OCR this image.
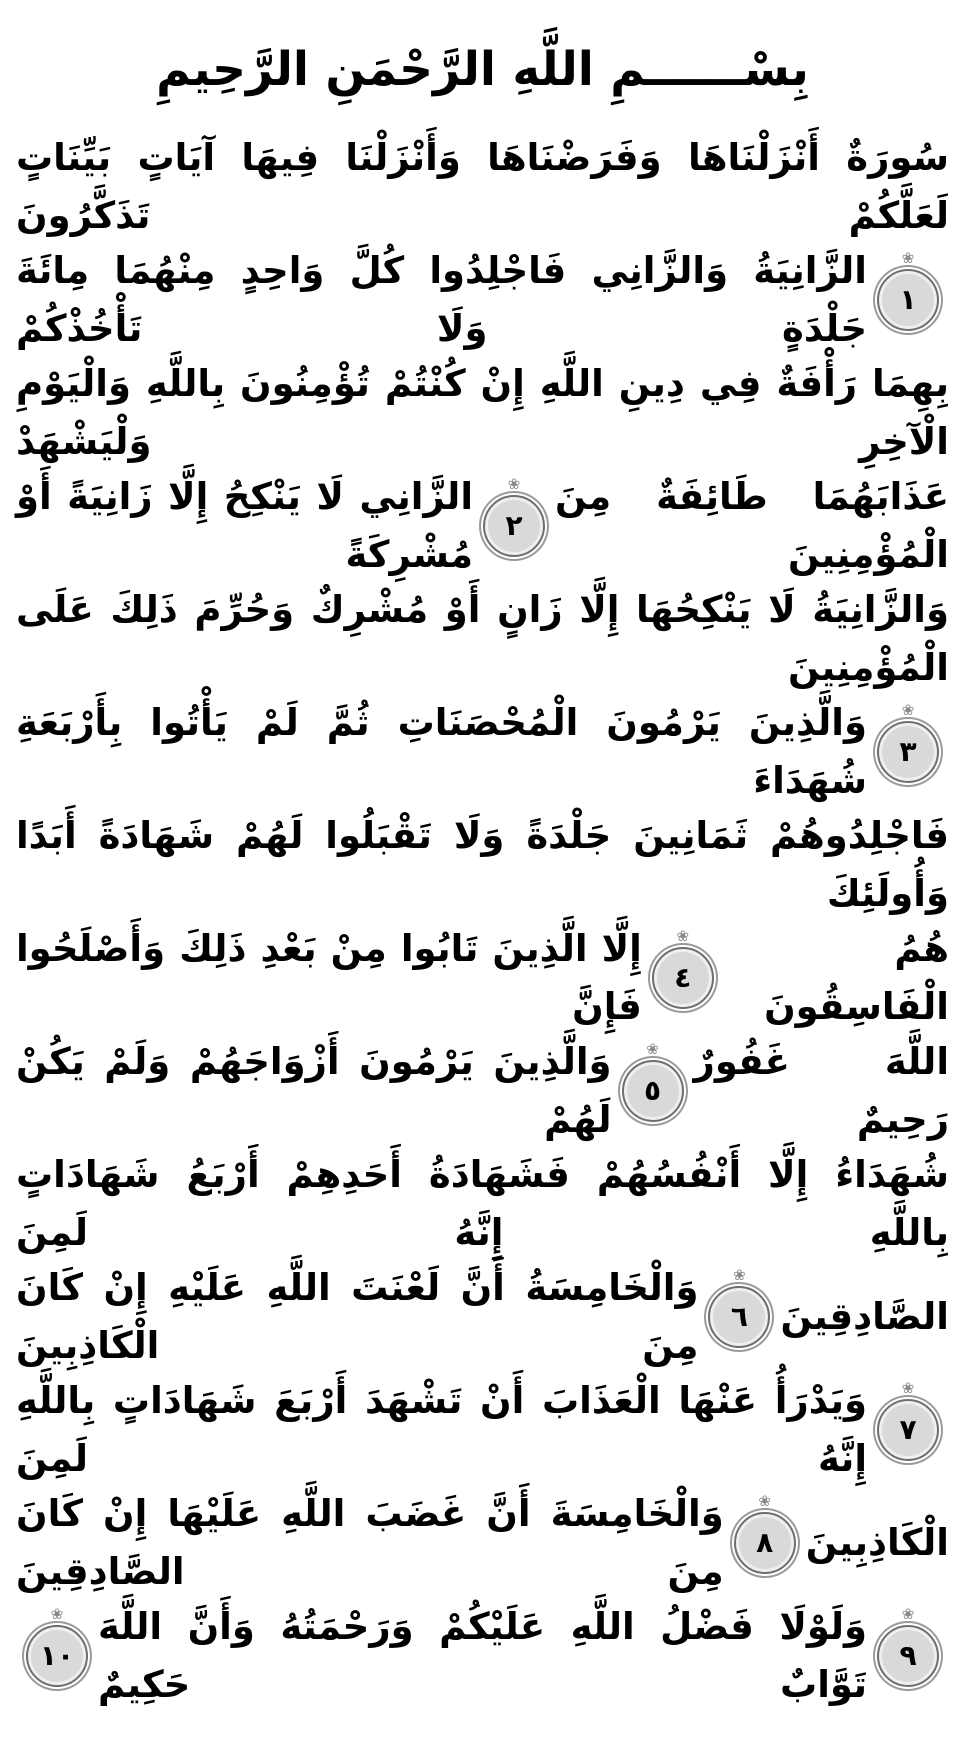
بِسْــــــمِ اللَّهِ الرَّحْمَنِ الرَّحِيمِ
سُورَةٌ أَنْزَلْنَاهَا وَفَرَضْنَاهَا وَأَنْزَلْنَا فِيهَا آيَاتٍ بَيِّنَاتٍ لَعَلَّكُمْ تَذَكَّرُونَ
❀
١
الزَّانِيَةُ وَالزَّانِي فَاجْلِدُوا كُلَّ وَاحِدٍ مِنْهُمَا مِائَةَ جَلْدَةٍ وَلَا تَأْخُذْكُمْ
بِهِمَا رَأْفَةٌ فِي دِينِ اللَّهِ إِنْ كُنْتُمْ تُؤْمِنُونَ بِاللَّهِ وَالْيَوْمِ الْآخِرِ وَلْيَشْهَدْ
عَذَابَهُمَا طَائِفَةٌ مِنَ الْمُؤْمِنِينَ
❀
٢
الزَّانِي لَا يَنْكِحُ إِلَّا زَانِيَةً أَوْ مُشْرِكَةً
وَالزَّانِيَةُ لَا يَنْكِحُهَا إِلَّا زَانٍ أَوْ مُشْرِكٌ وَحُرِّمَ ذَلِكَ عَلَى الْمُؤْمِنِينَ
❀
٣
وَالَّذِينَ يَرْمُونَ الْمُحْصَنَاتِ ثُمَّ لَمْ يَأْتُوا بِأَرْبَعَةِ شُهَدَاءَ
فَاجْلِدُوهُمْ ثَمَانِينَ جَلْدَةً وَلَا تَقْبَلُوا لَهُمْ شَهَادَةً أَبَدًا وَأُولَئِكَ
هُمُ الْفَاسِقُونَ
❀
٤
إِلَّا الَّذِينَ تَابُوا مِنْ بَعْدِ ذَلِكَ وَأَصْلَحُوا فَإِنَّ
اللَّهَ غَفُورٌ رَحِيمٌ
❀
٥
وَالَّذِينَ يَرْمُونَ أَزْوَاجَهُمْ وَلَمْ يَكُنْ لَهُمْ
شُهَدَاءُ إِلَّا أَنْفُسُهُمْ فَشَهَادَةُ أَحَدِهِمْ أَرْبَعُ شَهَادَاتٍ بِاللَّهِ إِنَّهُ لَمِنَ
الصَّادِقِينَ
❀
٦
وَالْخَامِسَةُ أَنَّ لَعْنَتَ اللَّهِ عَلَيْهِ إِنْ كَانَ مِنَ الْكَاذِبِينَ
❀
٧
وَيَدْرَأُ عَنْهَا الْعَذَابَ أَنْ تَشْهَدَ أَرْبَعَ شَهَادَاتٍ بِاللَّهِ إِنَّهُ لَمِنَ
الْكَاذِبِينَ
❀
٨
وَالْخَامِسَةَ أَنَّ غَضَبَ اللَّهِ عَلَيْهَا إِنْ كَانَ مِنَ الصَّادِقِينَ
❀
٩
وَلَوْلَا فَضْلُ اللَّهِ عَلَيْكُمْ وَرَحْمَتُهُ وَأَنَّ اللَّهَ تَوَّابٌ حَكِيمٌ
❀
١٠
